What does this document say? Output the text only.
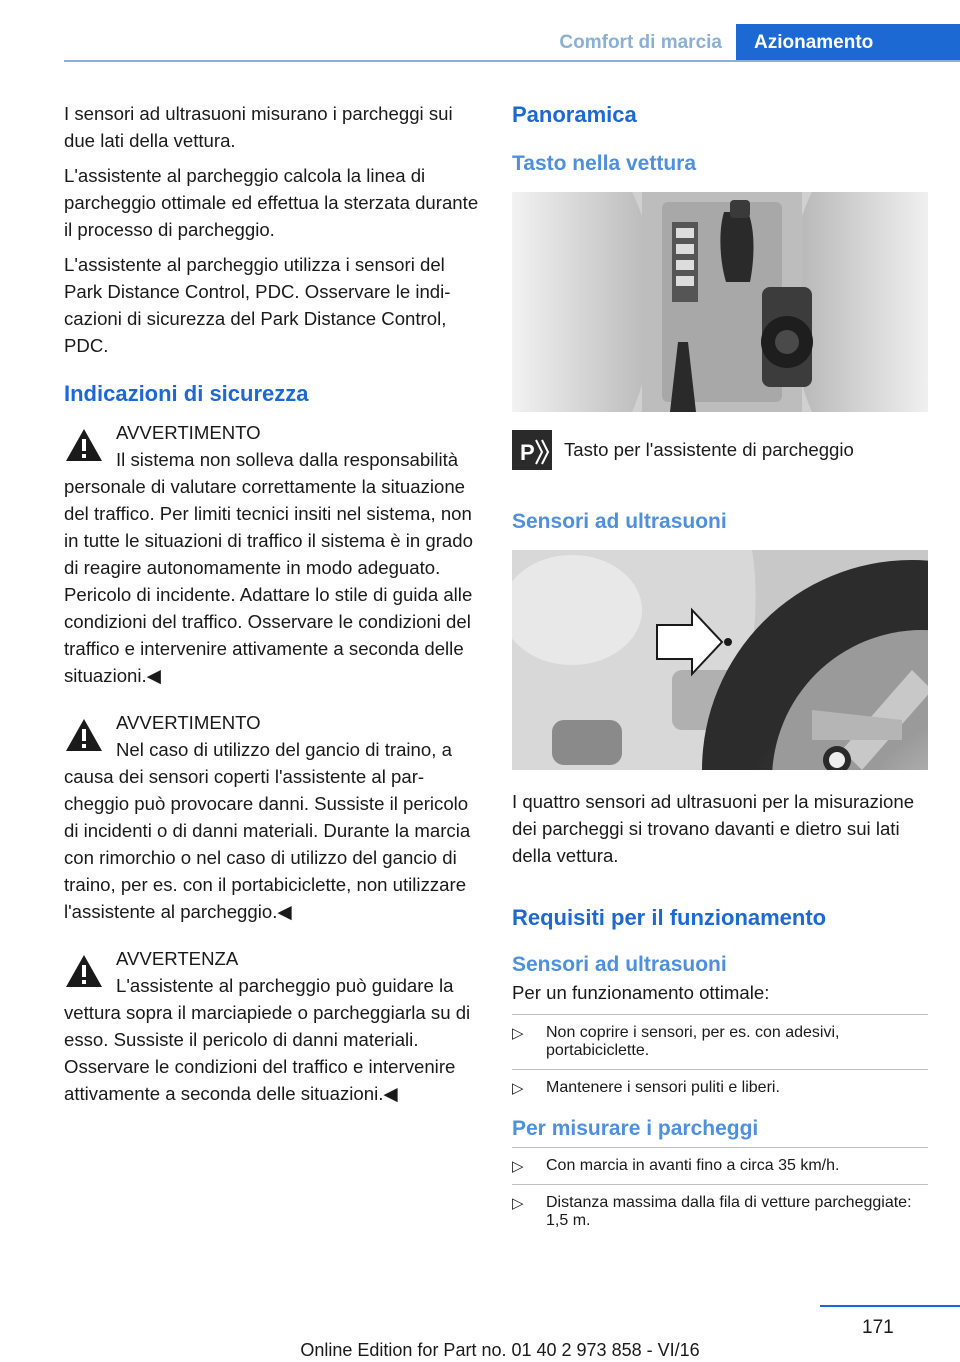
Comfort di marcia	Azionamento

I sensori ad ultrasuoni misurano i parcheggi sui due lati della vettura.

L'assistente al parcheggio calcola la linea di parcheggio ottimale ed effettua la sterzata durante il processo di parcheggio.

L'assistente al parcheggio utilizza i sensori del Park Distance Control, PDC. Osservare le indicazioni di sicurezza del Park Distance Control, PDC.

Indicazioni di sicurezza

AVVERTIMENTO

Il sistema non solleva dalla responsabilità

personale di valutare correttamente la situazione del traffico. Per limiti tecnici insiti nel sistema, non in tutte le situazioni di traffico il sistema è in grado di reagire autonomamente in modo adeguato. Pericolo di incidente. Adattare lo stile di guida alle condizioni del traffico. Osservare le condizioni del traffico e intervenire attivamente a seconda delle situazioni.◀

AVVERTIMENTO

Nel caso di utilizzo del gancio di traino, a

causa dei sensori coperti l'assistente al parcheggio può provocare danni. Sussiste il pericolo di incidenti o di danni materiali. Durante la marcia con rimorchio o nel caso di utilizzo del gancio di traino, per es. con il portabiciclette, non utilizzare l'assistente al parcheggio.◀

AVVERTENZA

L'assistente al parcheggio può guidare la

vettura sopra il marciapiede o parcheggiarla su di esso. Sussiste il pericolo di danni materiali. Osservare le condizioni del traffico e intervenire attivamente a seconda delle situazioni.◀

Panoramica
Tasto nella vettura
P	Tasto per l'assistente di parcheggio

Sensori ad ultrasuoni

I quattro sensori ad ultrasuoni per la misurazione dei parcheggi si trovano davanti e dietro sui lati della vettura.

Requisiti per il funzionamento
Sensori ad ultrasuoni

Per un funzionamento ottimale:

▷ Non coprire i sensori, per es. con adesivi, portabiciclette.
▷ Mantenere i sensori puliti e liberi.
Per misurare i parcheggi
▷ Con marcia in avanti fino a circa 35 km/h.
▷ Distanza massima dalla fila di vetture parcheggiate: 1,5 m.
171
Online Edition for Part no. 01 40 2 973 858 - VI/16
